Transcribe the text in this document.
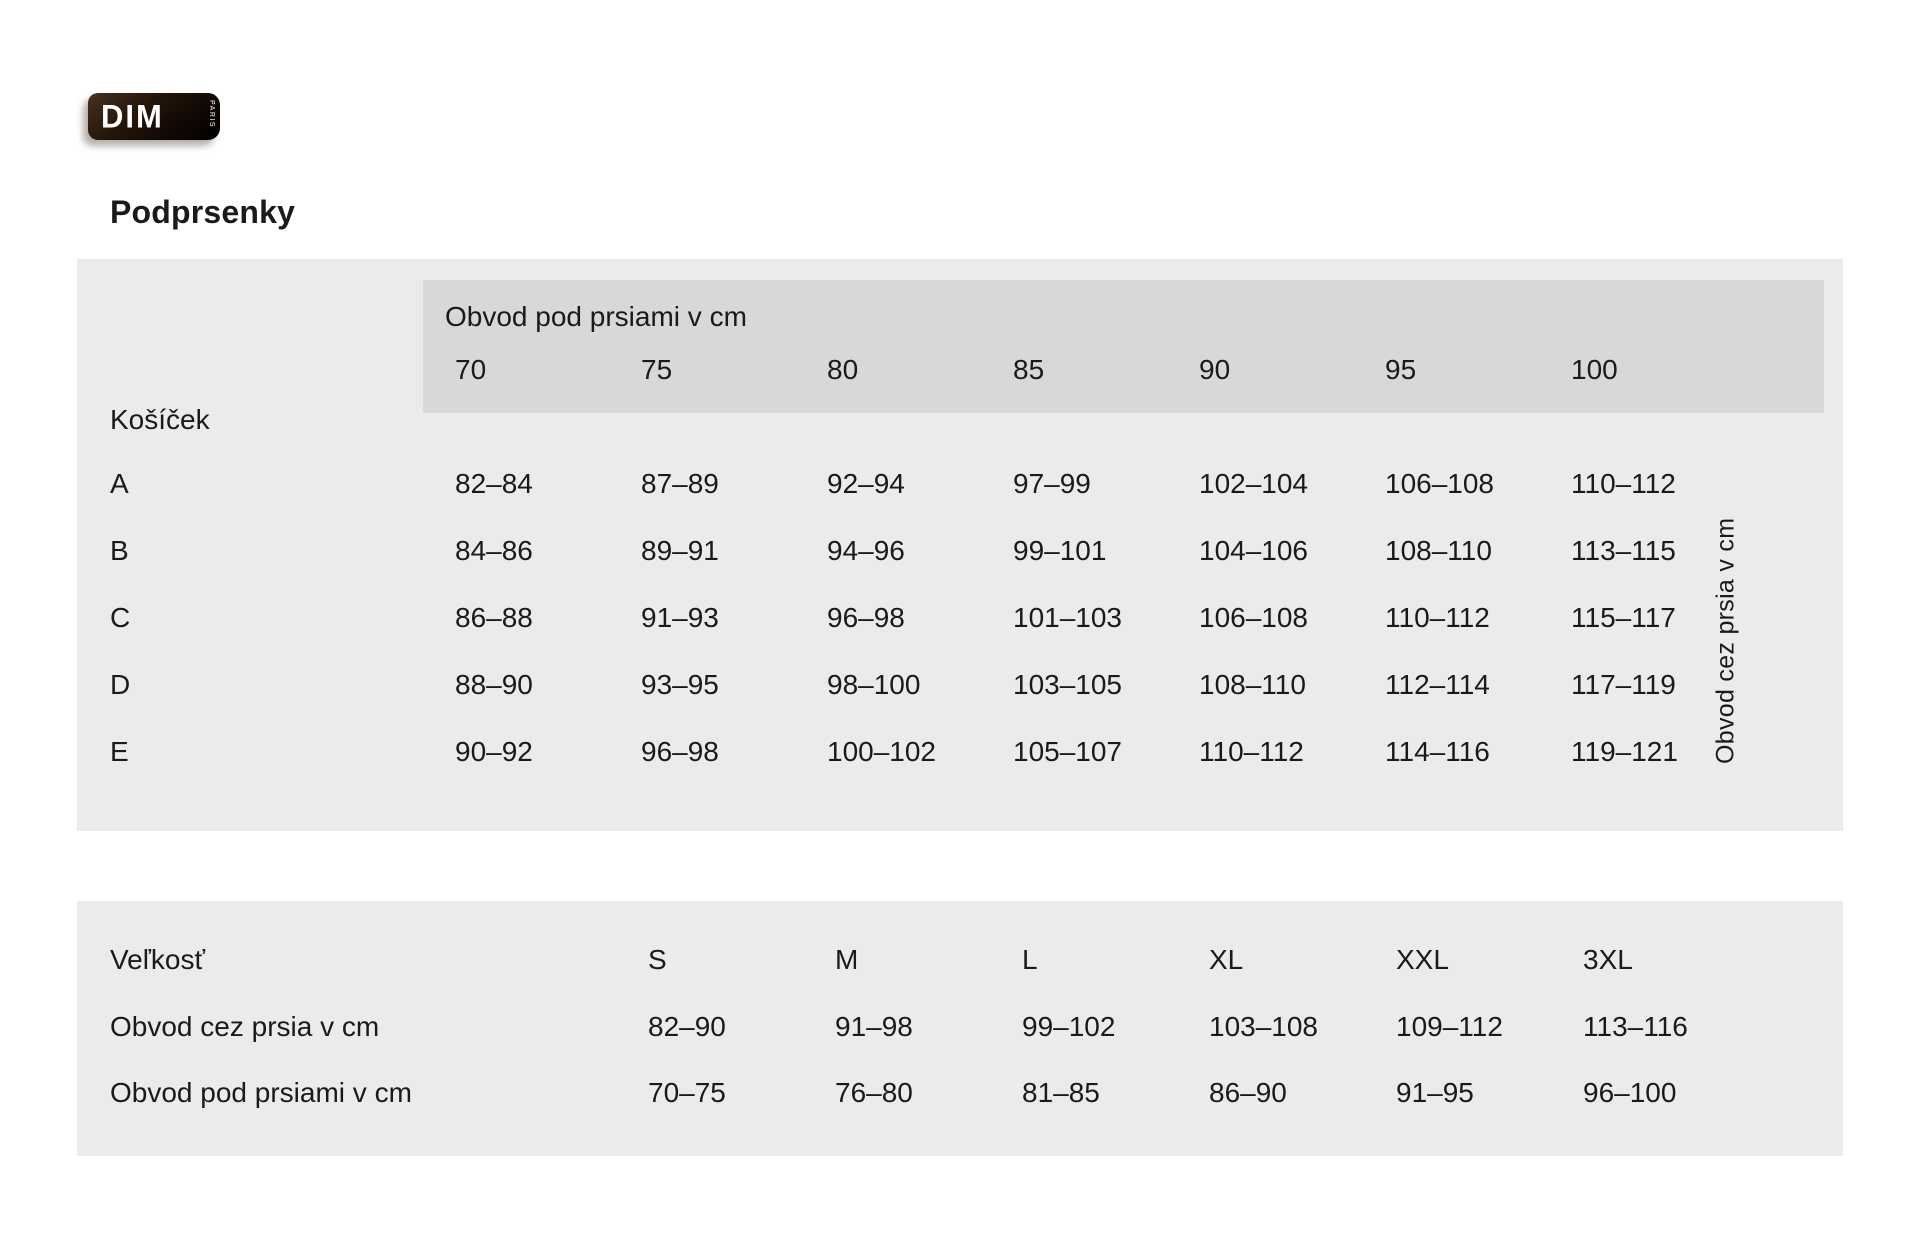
DIM	PARIS
Podprsenky
Obvod pod prsiami v cm
70	75	80	85	90	95	100
Košíček
A	82–84	87–89	92–94	97–99	102–104	106–108	110–112
B	84–86	89–91	94–96	99–101	104–106	108–110	113–115
C	86–88	91–93	96–98	101–103	106–108	110–112	115–117
D	88–90	93–95	98–100	103–105	108–110	112–114	117–119
E	90–92	96–98	100–102	105–107	110–112	114–116	119–121	Obvod cez prsia v cm
Veľkosť	S	M	L	XL	XXL	3XL
Obvod cez prsia v cm	82–90	91–98	99–102	103–108	109–112	113–116
Obvod pod prsiami v cm	70–75	76–80	81–85	86–90	91–95	96–100
